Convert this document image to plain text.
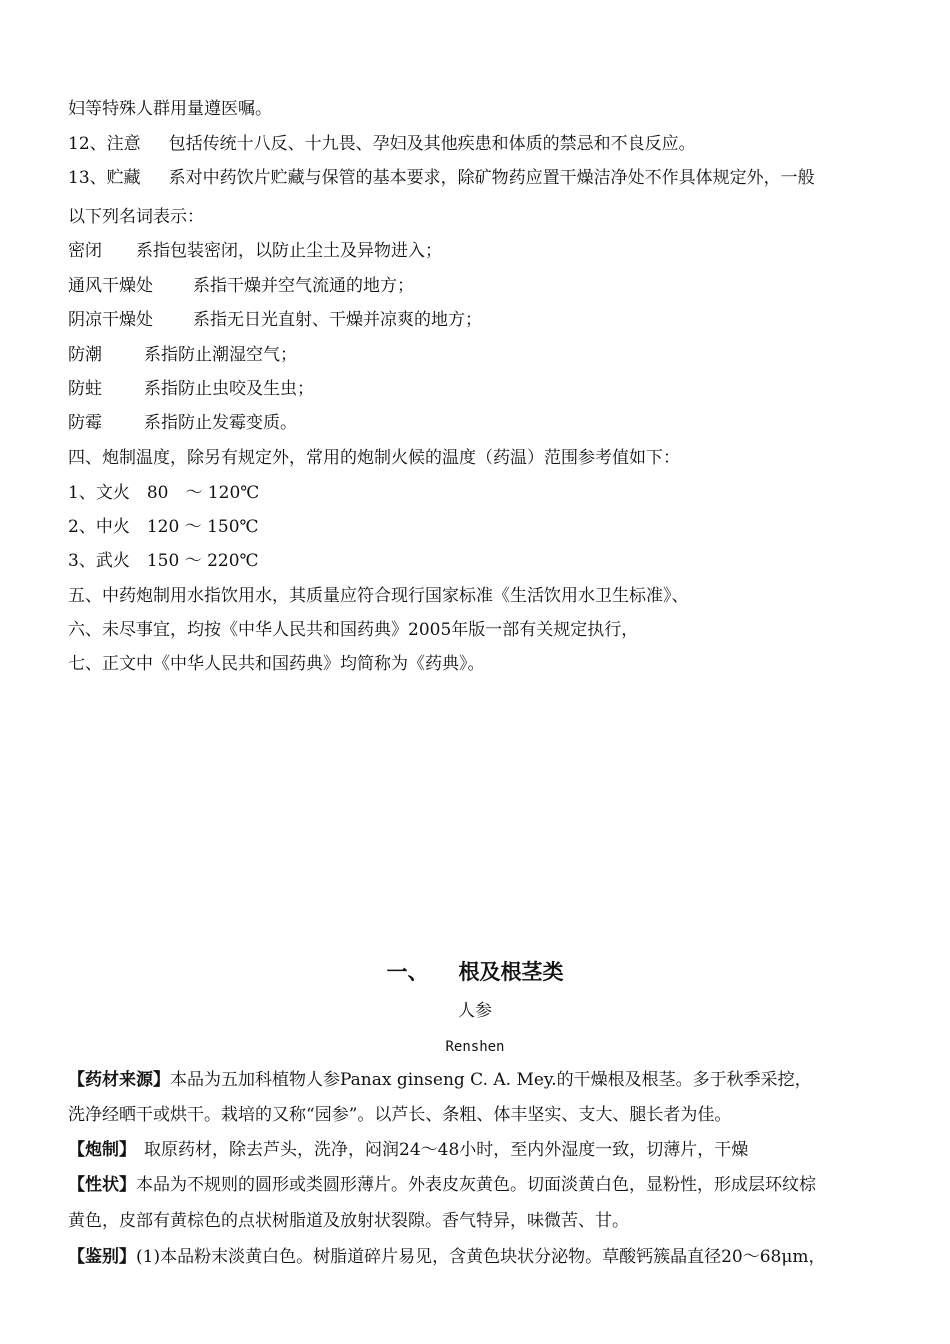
妇等特殊人群用量遵医嘱。
12、注意 包括传统十八反、十九畏、孕妇及其他疾患和体质的禁忌和不良反应。
13、贮藏 系对中药饮片贮藏与保管的基本要求，除矿物药应置干燥洁净处不作具体规定外，一般
以下列名词表示：
密闭 系指包装密闭，以防止尘土及异物进入；
通风干燥处 系指干燥并空气流通的地方；
阴凉干燥处 系指无日光直射、干燥并凉爽的地方；
防潮 系指防止潮湿空气；
防蛀 系指防止虫咬及生虫；
防霉 系指防止发霉变质。
四、炮制温度，除另有规定外，常用的炮制火候的温度（药温）范围参考值如下：
1、文火　80　～ 120℃
2、中火　120 ～ 150℃
3、武火　150 ～ 220℃
五、中药炮制用水指饮用水，其质量应符合现行国家标准《生活饮用水卫生标准》、
六、未尽事宜，均按《中华人民共和国药典》2005年版一部有关规定执行，
七、正文中《中华人民共和国药典》均简称为《药典》。
一、 根及根茎类
人参
Renshen
【药材来源】本品为五加科植物人参Panax ginseng C. A. Mey.的干燥根及根茎。多于秋季采挖，
洗净经晒干或烘干。栽培的又称“园参”。以芦长、条粗、体丰坚实、支大、腿长者为佳。
【炮制】 取原药材，除去芦头，洗净，闷润24～48小时，至内外湿度一致，切薄片，干燥
【性状】本品为不规则的圆形或类圆形薄片。外表皮灰黄色。切面淡黄白色，显粉性，形成层环纹棕
黄色，皮部有黄棕色的点状树脂道及放射状裂隙。香气特异，味微苦、甘。
【鉴别】(1)本品粉末淡黄白色。树脂道碎片易见，含黄色块状分泌物。草酸钙簇晶直径20～68μm，
